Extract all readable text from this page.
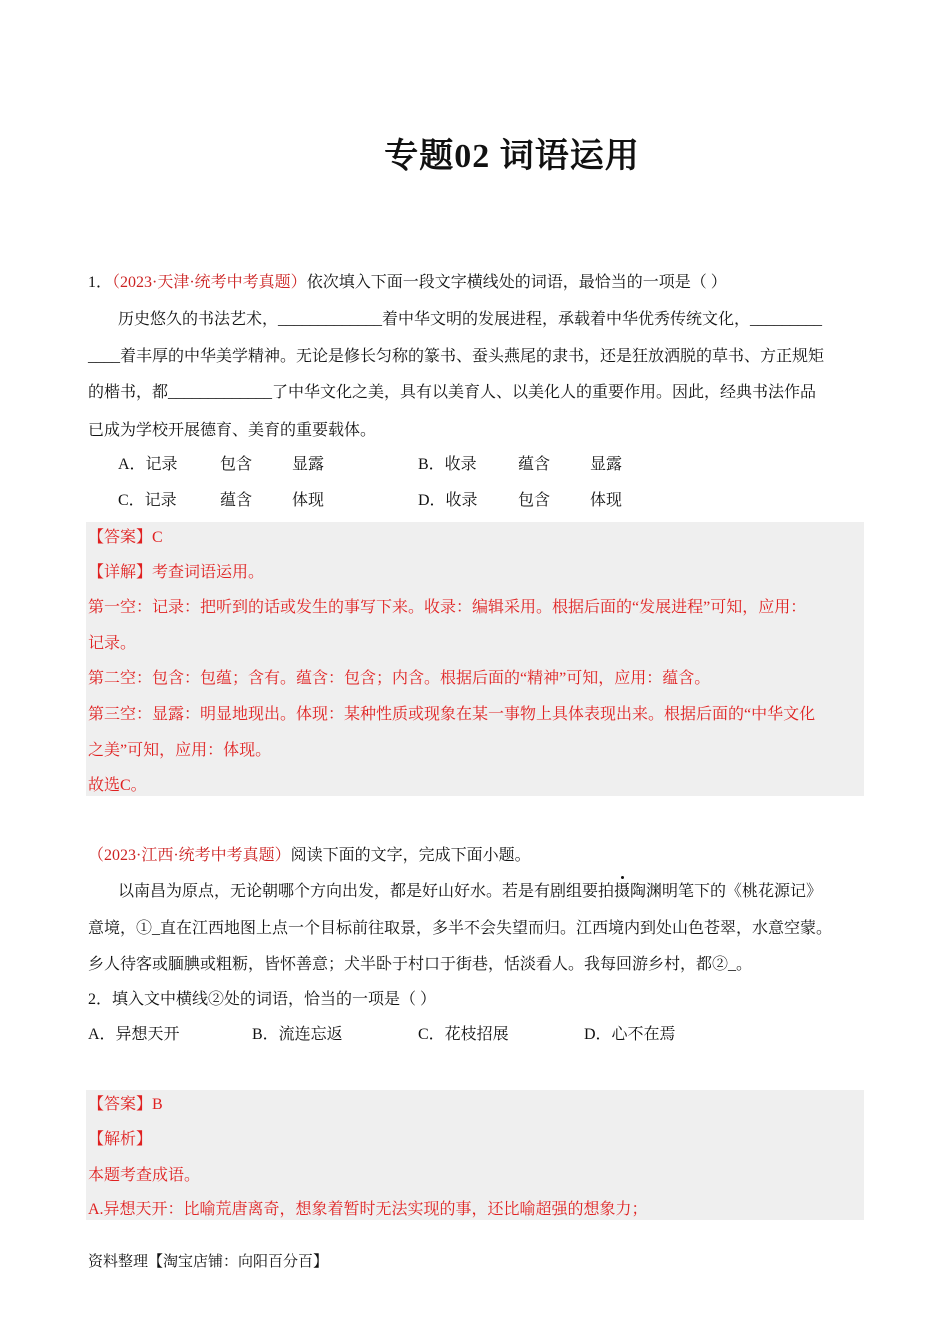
专题02 词语运用
1．（2023·天津·统考中考真题）依次填入下面一段文字横线处的词语，最恰当的一项是（ ）
历史悠久的书法艺术，_____________着中华文明的发展进程，承载着中华优秀传统文化，_________
____着丰厚的中华美学精神。无论是修长匀称的篆书、蚕头燕尾的隶书，还是狂放洒脱的草书、方正规矩
的楷书，都_____________了中华文化之美，具有以美育人、以美化人的重要作用。因此，经典书法作品
已成为学校开展德育、美育的重要载体。
A．记录	包含 显露	B．收录	蕴含 显露
C．记录	蕴含 体现	D．收录	包含 体现
【答案】C
【详解】考查词语运用。
第一空：记录：把听到的话或发生的事写下来。收录：编辑采用。根据后面的“发展进程”可知，应用：
记录。
第二空：包含：包蕴；含有。蕴含：包含；内含。根据后面的“精神”可知，应用：蕴含。
第三空：显露：明显地现出。体现：某种性质或现象在某一事物上具体表现出来。根据后面的“中华文化
之美”可知，应用：体现。
故选C。
（2023·江西·统考中考真题）阅读下面的文字，完成下面小题。
以南昌为原点，无论朝哪个方向出发，都是好山好水。若是有剧组要拍摄陶渊明笔下的《桃花源记》
意境，①_直在江西地图上点一个目标前往取景，多半不会失望而归。江西境内到处山色苍翠，水意空蒙。
乡人待客或腼腆或粗粝，皆怀善意；犬半卧于村口于街巷，恬淡看人。我每回游乡村，都②_。
2．填入文中横线②处的词语，恰当的一项是（ ）
A．异想天开	B．流连忘返	C．花枝招展	D．心不在焉
【答案】B
【解析】
本题考查成语。
A.异想天开：比喻荒唐离奇，想象着暂时无法实现的事，还比喻超强的想象力；
资料整理【淘宝店铺：向阳百分百】
